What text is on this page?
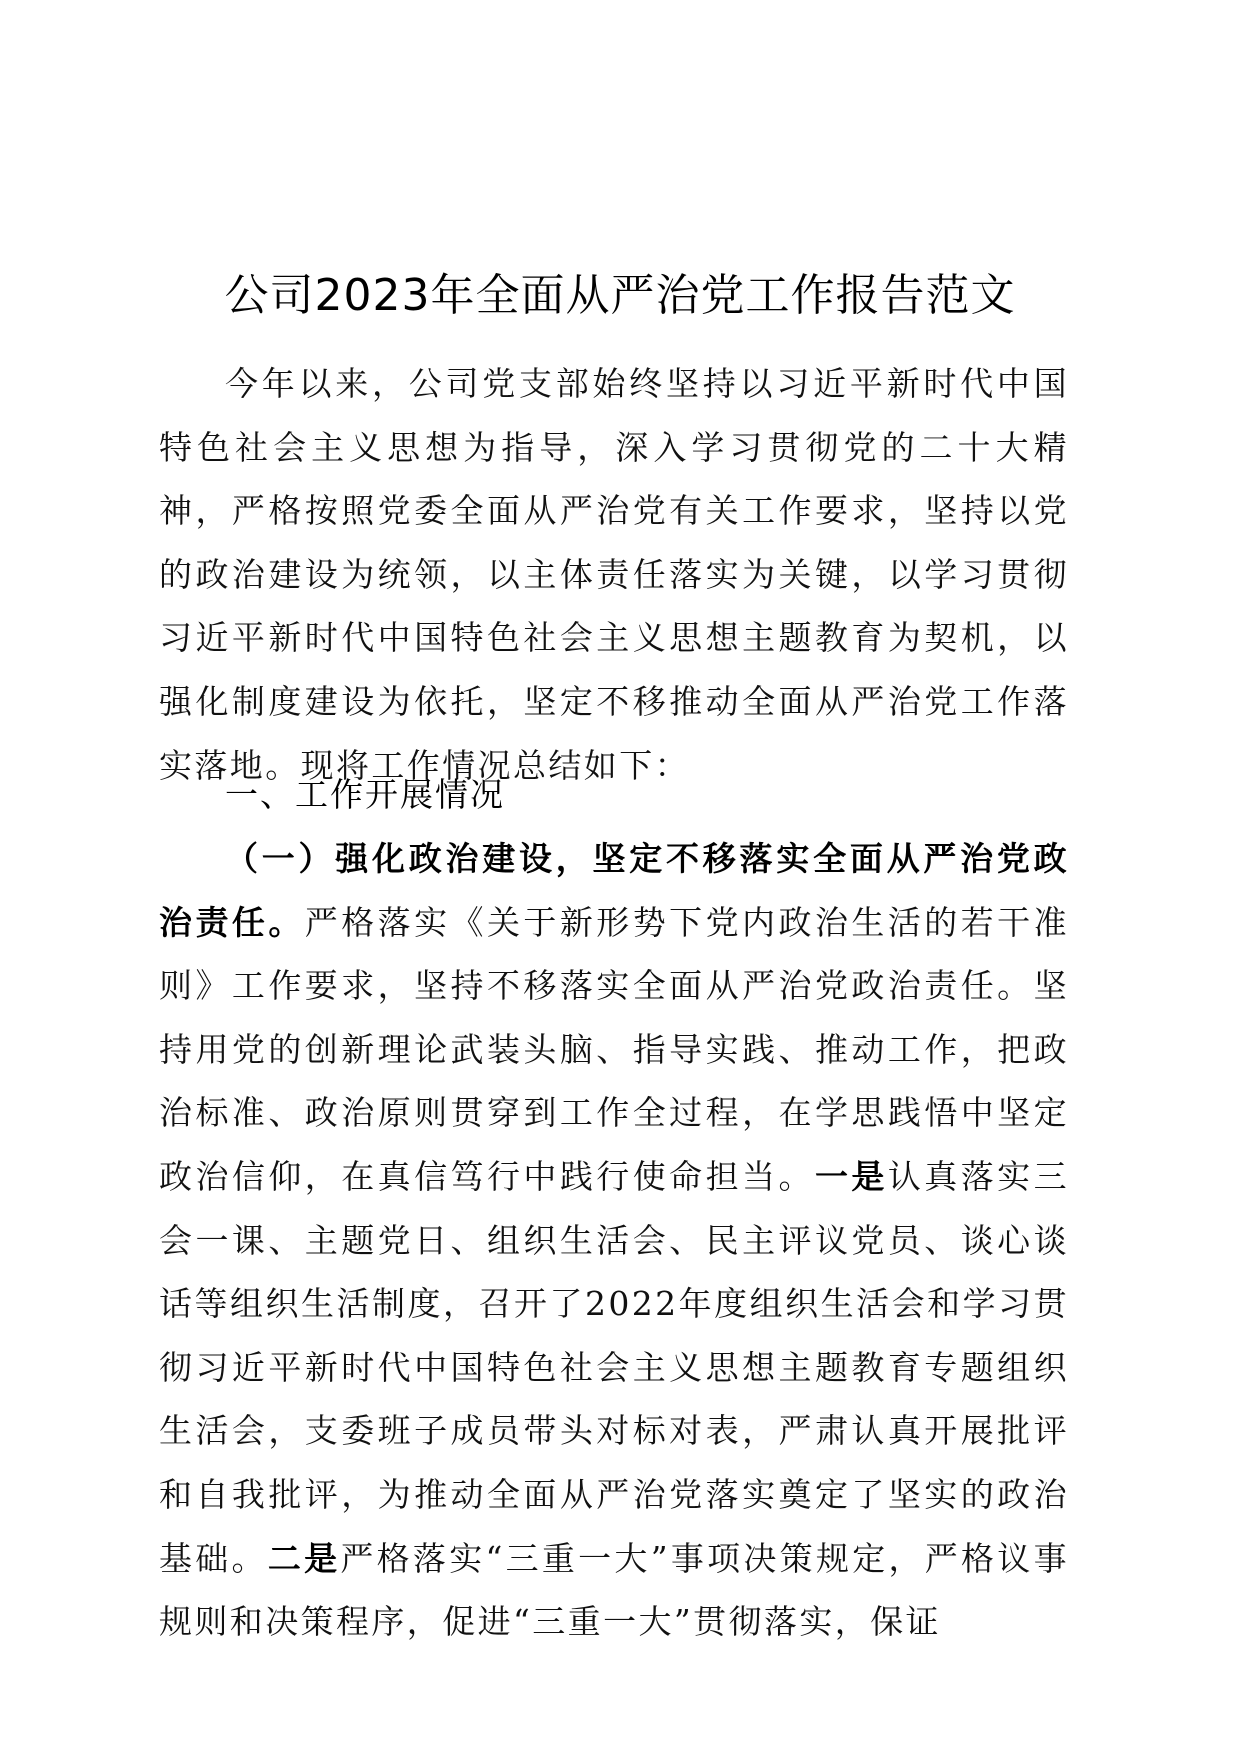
公司2023年全面从严治党工作报告范文

今年以来，公司党支部始终坚持以习近平新时代中国特色社会主义思想为指导，深入学习贯彻党的二十大精神，严格按照党委全面从严治党有关工作要求，坚持以党的政治建设为统领，以主体责任落实为关键，以学习贯彻习近平新时代中国特色社会主义思想主题教育为契机，以强化制度建设为依托，坚定不移推动全面从严治党工作落实落地。现将工作情况总结如下：

一、工作开展情况

（一）强化政治建设，坚定不移落实全面从严治党政治责任。严格落实《关于新形势下党内政治生活的若干准则》工作要求，坚持不移落实全面从严治党政治责任。坚持用党的创新理论武装头脑、指导实践、推动工作，把政治标准、政治原则贯穿到工作全过程，在学思践悟中坚定政治信仰，在真信笃行中践行使命担当。一是认真落实三会一课、主题党日、组织生活会、民主评议党员、谈心谈话等组织生活制度，召开了2022年度组织生活会和学习贯彻习近平新时代中国特色社会主义思想主题教育专题组织生活会，支委班子成员带头对标对表，严肃认真开展批评和自我批评，为推动全面从严治党落实奠定了坚实的政治基础。二是严格落实“三重一大”事项决策规定，严格议事规则和决策程序，促进“三重一大”贯彻落实，保证
